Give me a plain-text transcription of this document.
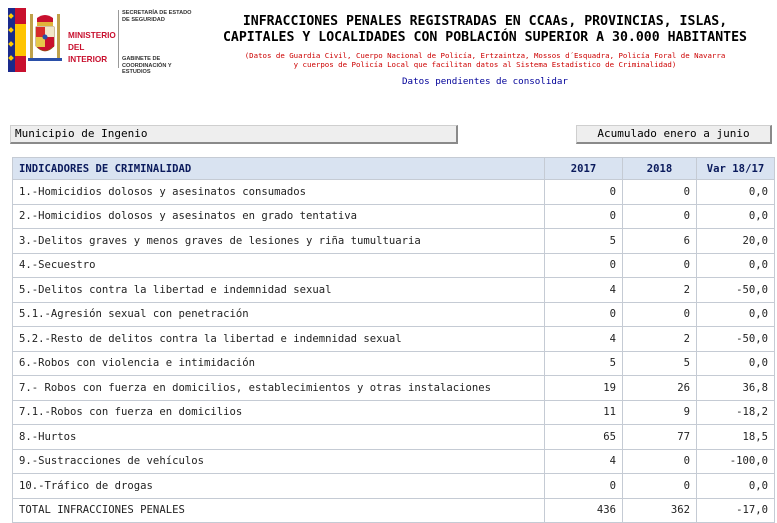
MINISTERIO DEL INTERIOR
SECRETARÍA DE ESTADO DE SEGURIDAD
GABINETE DE COORDINACIÓN Y ESTUDIOS
INFRACCIONES PENALES REGISTRADAS EN CCAAs, PROVINCIAS, ISLAS,
CAPITALES Y LOCALIDADES CON POBLACIÓN SUPERIOR A 30.000 HABITANTES
(Datos de Guardia Civil, Cuerpo Nacional de Policía, Ertzaintza, Mossos d´Esquadra, Policía Foral de Navarra
y cuerpos de Policía Local que facilitan datos al Sistema Estadístico de Criminalidad)
Datos pendientes de consolidar
Municipio de Ingenio	Acumulado enero a junio
INDICADORES DE CRIMINALIDAD	2017	2018	Var 18/17
1.-Homicidios dolosos y asesinatos consumados	0	0	0,0
2.-Homicidios dolosos y asesinatos en grado tentativa	0	0	0,0
3.-Delitos graves y menos graves de lesiones y riña tumultuaria	5	6	20,0
4.-Secuestro	0	0	0,0
5.-Delitos contra la libertad e indemnidad sexual	4	2	-50,0
5.1.-Agresión sexual con penetración	0	0	0,0
5.2.-Resto de delitos contra la libertad e indemnidad sexual	4	2	-50,0
6.-Robos con violencia e intimidación	5	5	0,0
7.- Robos con fuerza en domicilios, establecimientos y otras instalaciones	19	26	36,8
7.1.-Robos con fuerza en domicilios	11	9	-18,2
8.-Hurtos	65	77	18,5
9.-Sustracciones de vehículos	4	0	-100,0
10.-Tráfico de drogas	0	0	0,0
TOTAL INFRACCIONES PENALES	436	362	-17,0
